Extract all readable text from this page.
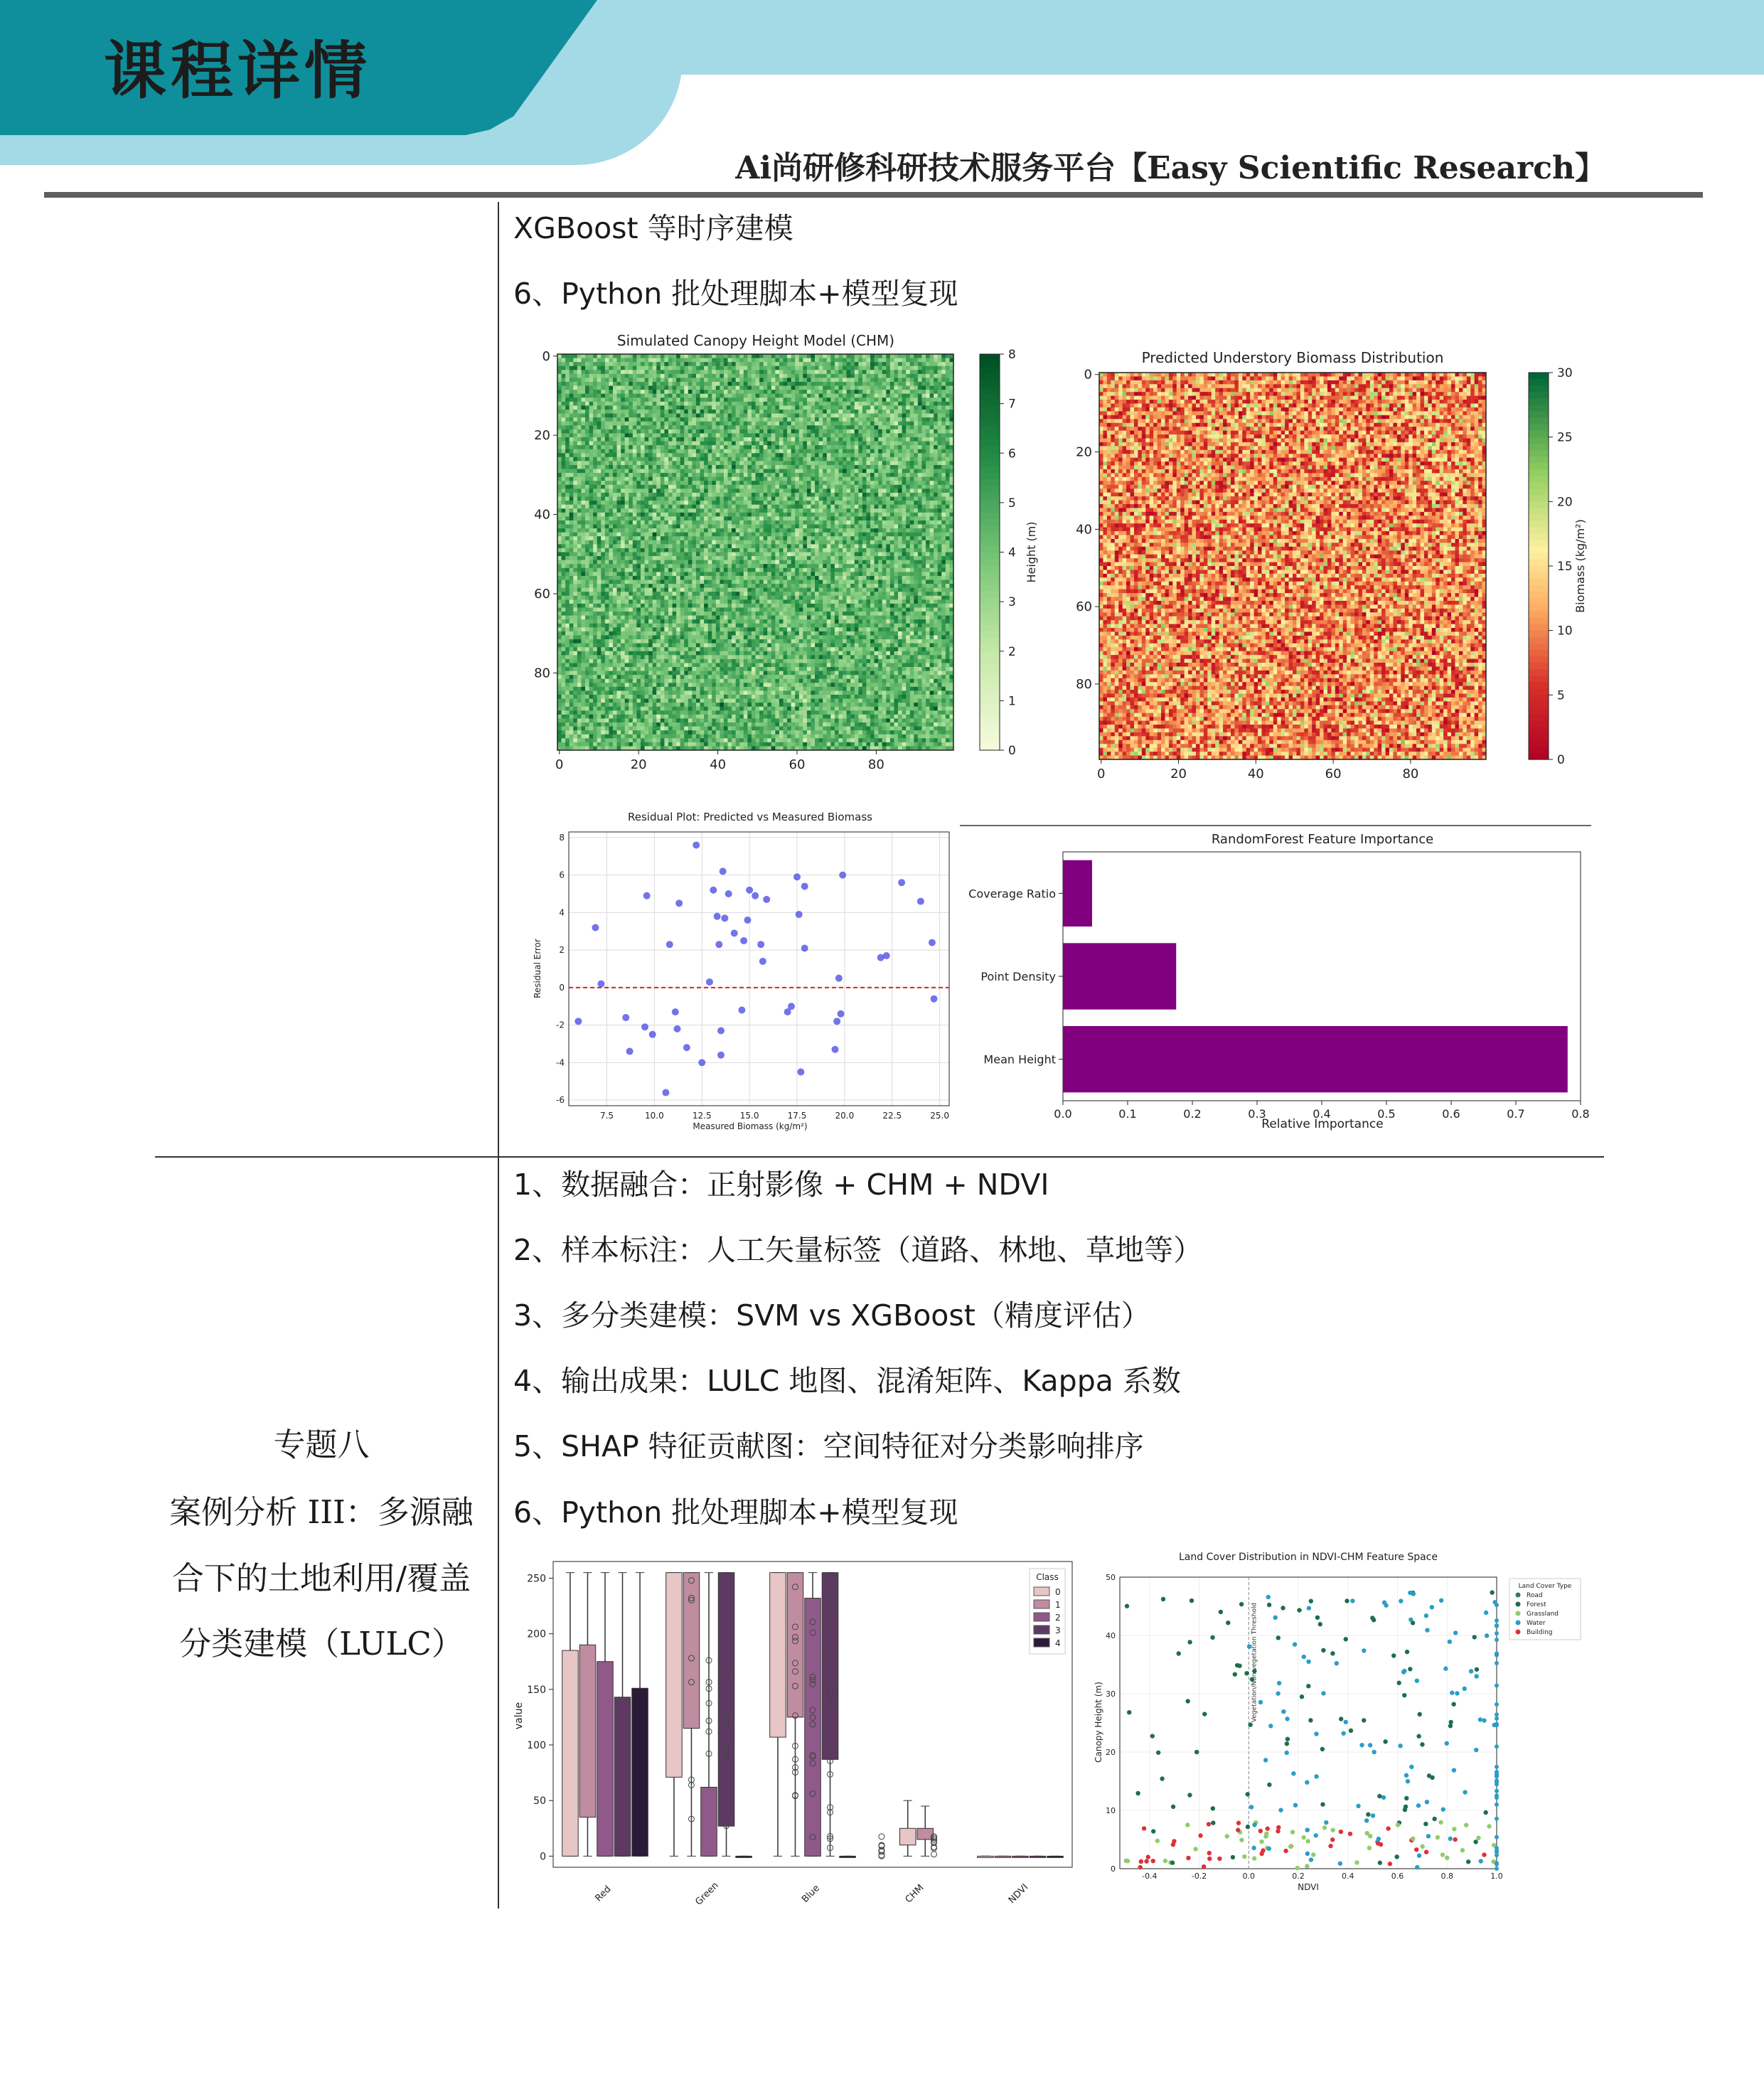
课程详情
Ai尚研修科研技术服务平台【Easy Scientific Research】
XGBoost 等时序建模
6、Python 批处理脚本+模型复现
Simulated Canopy Height Model (CHM)
0	20	40	60	80
0
20
40
60
80
0
1
2
3
4
5
6
7
8
Height (m)
Predicted Understory Biomass Distribution
0	20	40	60	80
0
20
40
60
80
0
5
10
15
20
25
30
Biomass (kg/m²)
Residual Plot: Predicted vs Measured Biomass
7.5	10.0	12.5	15.0	17.5	20.0	22.5	25.0
-6
-4
-2
0
2
4
6
8
Measured Biomass (kg/m²)
Residual Error
RandomForest Feature Importance
Coverage Ratio
Point Density
Mean Height
0.0	0.1	0.2	0.3	0.4	0.5	0.6	0.7	0.8
Relative Importance
专题八
案例分析 III：多源融
合下的土地利用/覆盖
分类建模（LULC）
1、数据融合：正射影像 + CHM + NDVI
2、样本标注：人工矢量标签（道路、林地、草地等）
3、多分类建模：SVM vs XGBoost（精度评估）
4、输出成果：LULC 地图、混淆矩阵、Kappa 系数
5、SHAP 特征贡献图：空间特征对分类影响排序
6、Python 批处理脚本+模型复现
0
50
100
150
200
250
Red	Green	Blue	CHM	NDVI
Class
0
1
2
3
4
value
Land Cover Distribution in NDVI-CHM Feature Space
-0.4	-0.2	0.0	0.2	0.4	0.6	0.8	1.0
0
10
20
30
40
50
Vegetation/Non-vegetation Threshold
Land Cover Type
Road
Forest
Grassland
Water
Building
NDVI
Canopy Height (m)
